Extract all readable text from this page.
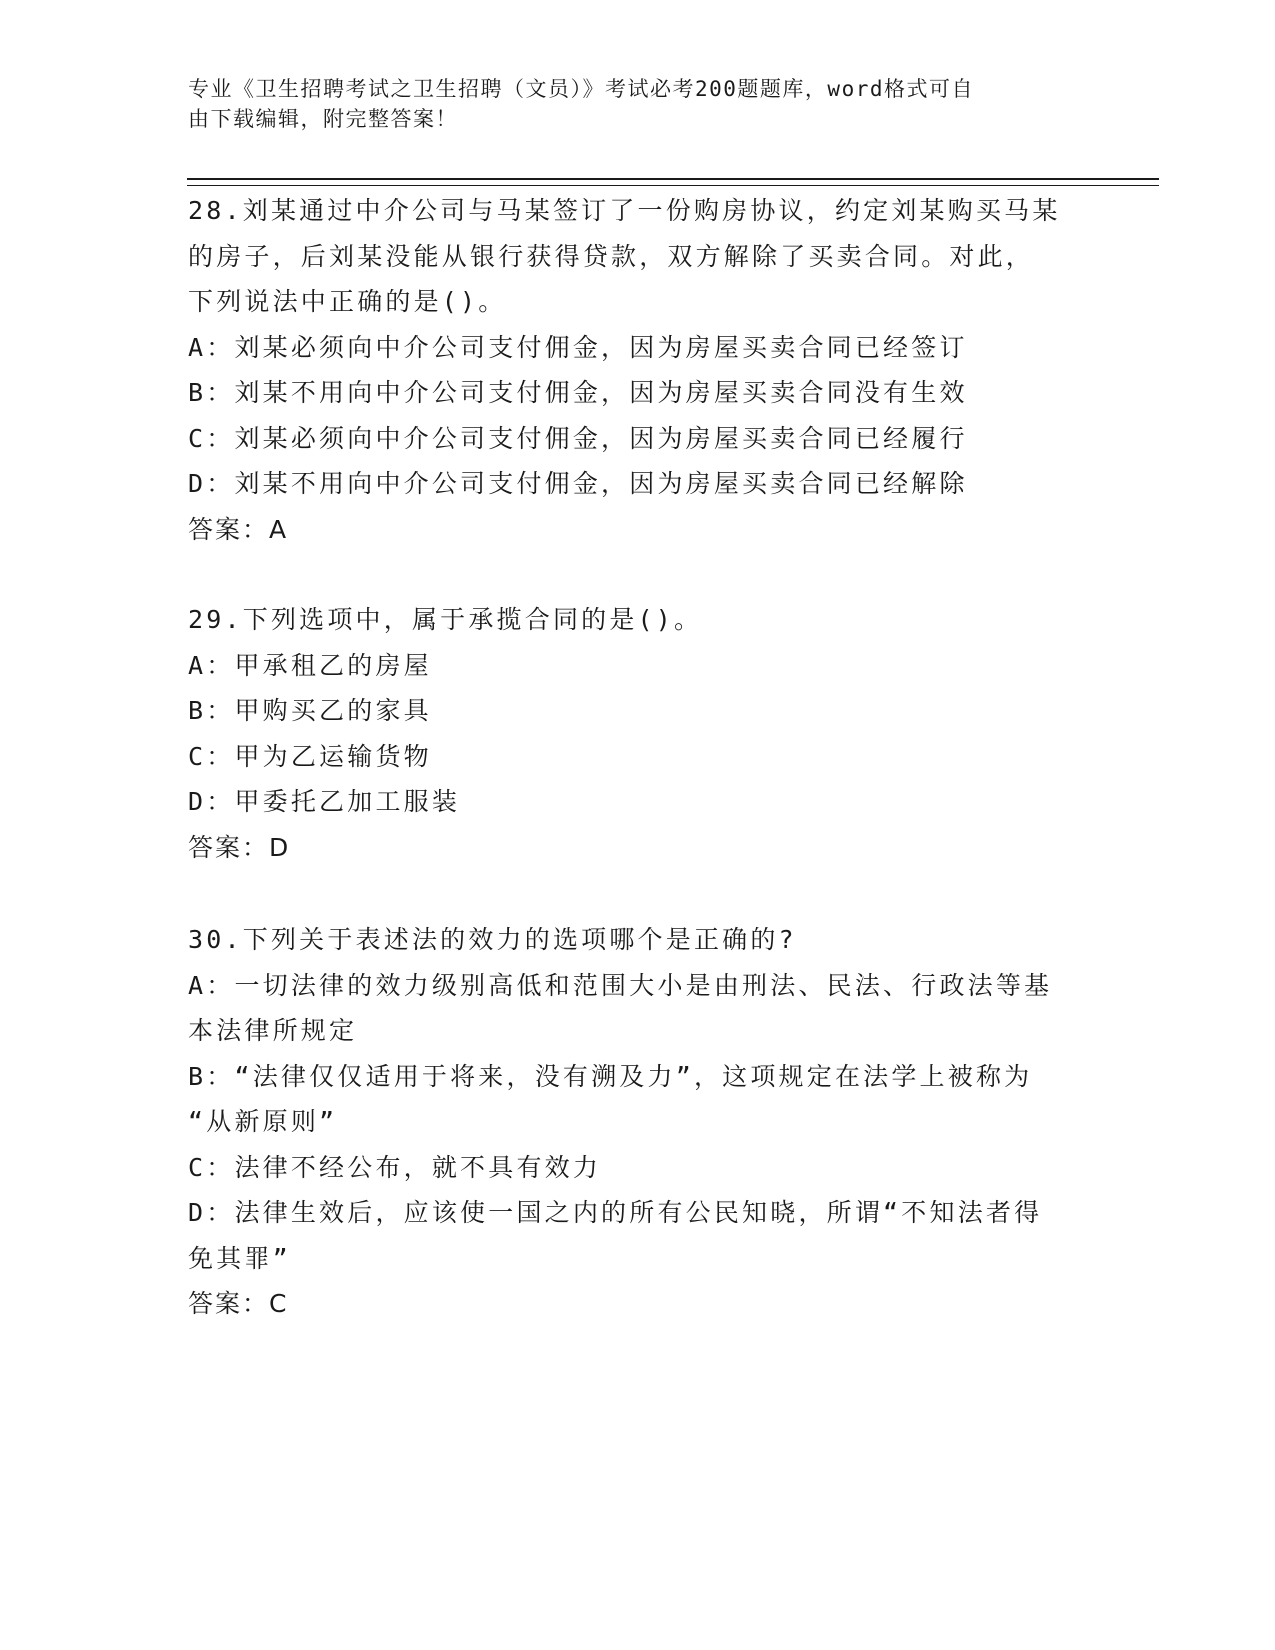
专业《卫生招聘考试之卫生招聘（文员）》考试必考200题题库，word格式可自
由下载编辑，附完整答案！
28.刘某通过中介公司与马某签订了一份购房协议，约定刘某购买马某
的房子，后刘某没能从银行获得贷款，双方解除了买卖合同。对此，
下列说法中正确的是()。
A：刘某必须向中介公司支付佣金，因为房屋买卖合同已经签订
B：刘某不用向中介公司支付佣金，因为房屋买卖合同没有生效
C：刘某必须向中介公司支付佣金，因为房屋买卖合同已经履行
D：刘某不用向中介公司支付佣金，因为房屋买卖合同已经解除
答案：A
29.下列选项中，属于承揽合同的是()。
A：甲承租乙的房屋
B：甲购买乙的家具
C：甲为乙运输货物
D：甲委托乙加工服装
答案：D
30.下列关于表述法的效力的选项哪个是正确的?
A：一切法律的效力级别高低和范围大小是由刑法、民法、行政法等基
本法律所规定
B：“法律仅仅适用于将来，没有溯及力”，这项规定在法学上被称为
“从新原则”
C：法律不经公布，就不具有效力
D：法律生效后，应该使一国之内的所有公民知晓，所谓“不知法者得
免其罪”
答案：C
